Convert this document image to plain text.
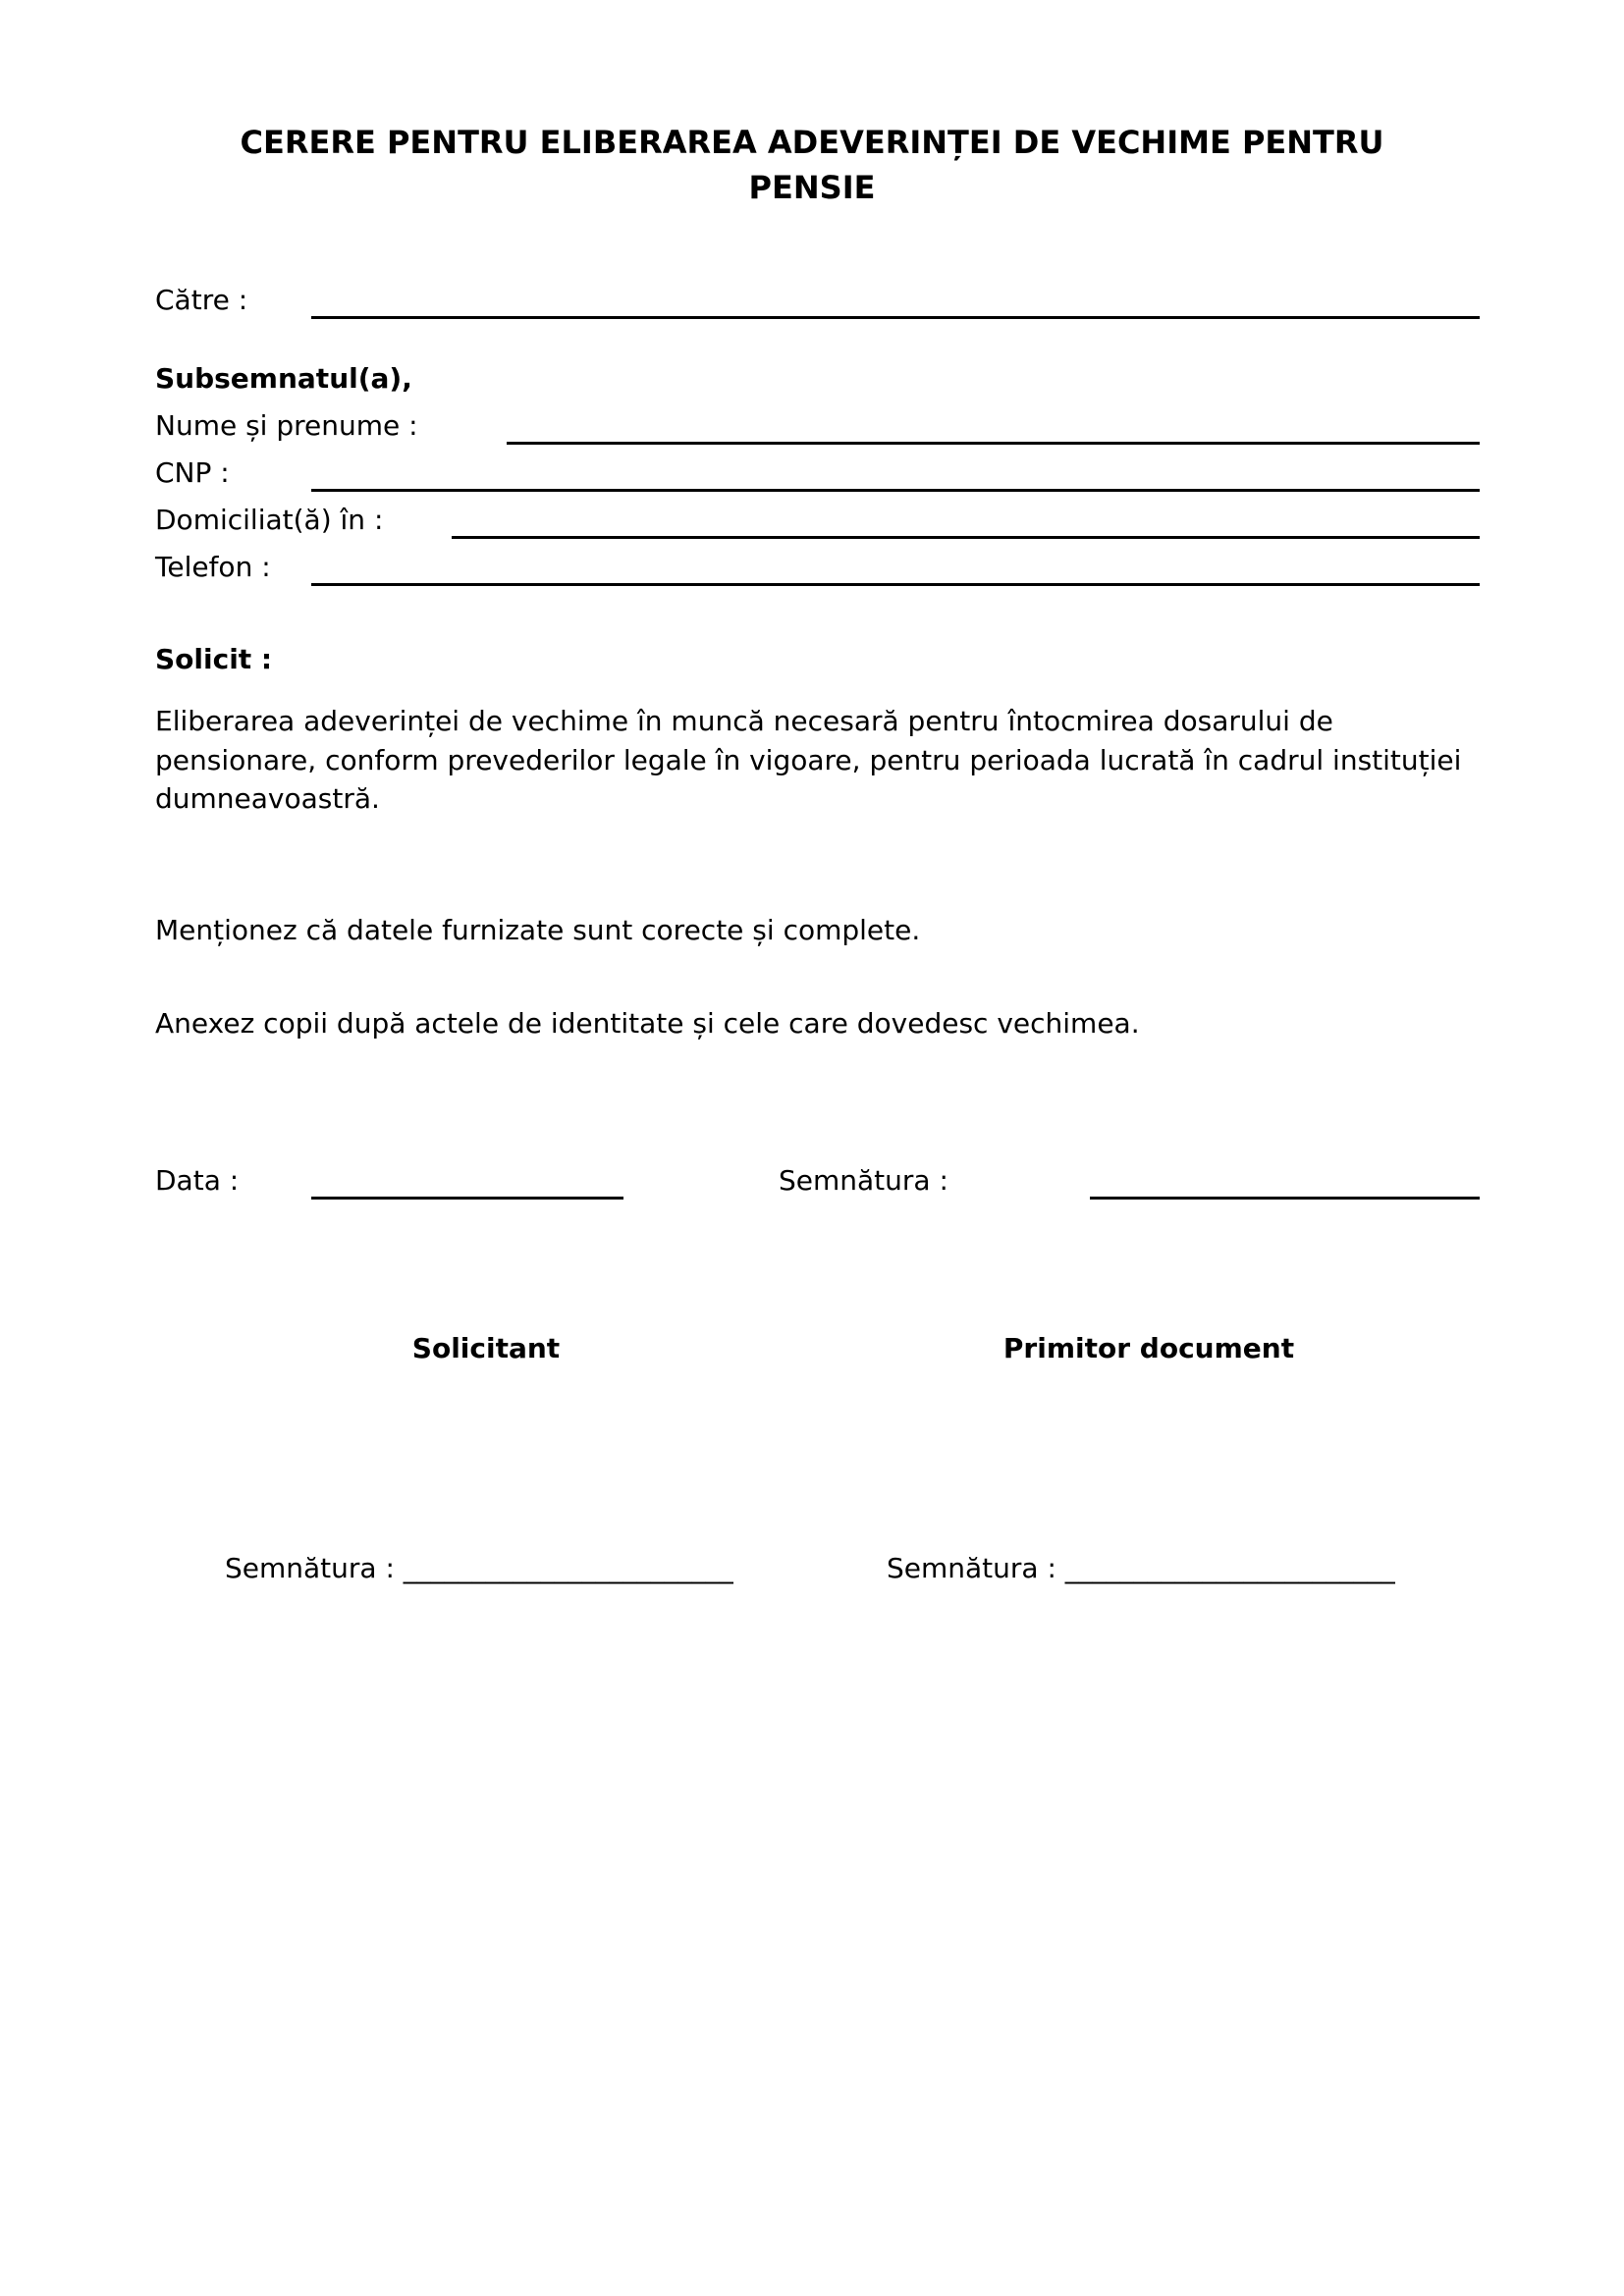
CERERE PENTRU ELIBERAREA ADEVERINȚEI DE VECHIME PENTRU PENSIE
Către :
Subsemnatul(a),
Nume și prenume :
CNP :
Domiciliat(ă) în :
Telefon :
Solicit :
Eliberarea adeverinței de vechime în muncă necesară pentru întocmirea dosarului de pensionare, conform prevederilor legale în vigoare, pentru perioada lucrată în cadrul instituției dumneavoastră.
Menționez că datele furnizate sunt corecte și complete.
Anexez copii după actele de identitate și cele care dovedesc vechimea.
Data :	Semnătura :
Solicitant	Primitor document
Semnătura : ________________________	Semnătura : ________________________
